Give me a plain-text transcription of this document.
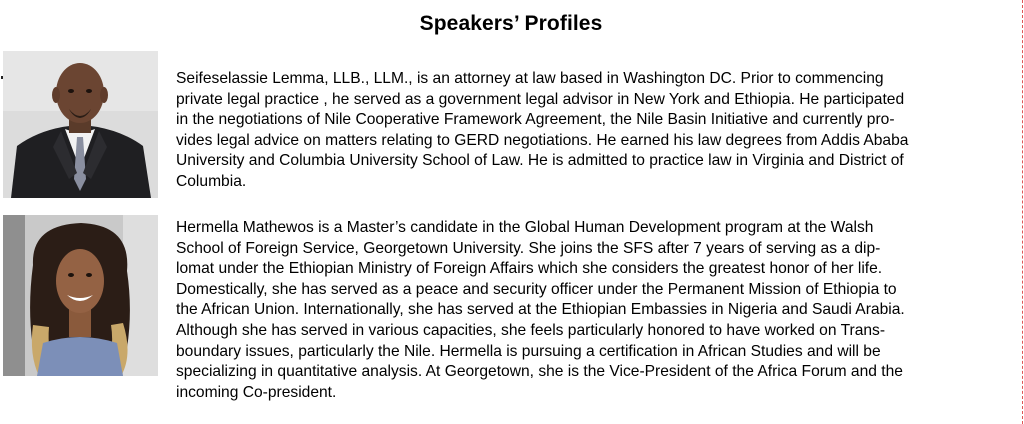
Speakers’ Profiles

Seifeselassie Lemma, LLB., LLM., is an attorney at law based in Washington DC. Prior to commencing
private legal practice , he served as a government legal advisor in New York and Ethiopia. He participated
in the negotiations of Nile Cooperative Framework Agreement, the Nile Basin Initiative and currently pro-
vides legal advice on matters relating to GERD negotiations. He earned his law degrees from Addis Ababa
University and Columbia University School of Law. He is admitted to practice law in Virginia and District of
Columbia.

Hermella Mathewos is a Master’s candidate in the Global Human Development program at the Walsh
School of Foreign Service, Georgetown University. She joins the SFS after 7 years of serving as a dip-
lomat under the Ethiopian Ministry of Foreign Affairs which she considers the greatest honor of her life.
Domestically, she has served as a peace and security officer under the Permanent Mission of Ethiopia to
the African Union. Internationally, she has served at the Ethiopian Embassies in Nigeria and Saudi Arabia.
Although she has served in various capacities, she feels particularly honored to have worked on Trans-
boundary issues, particularly the Nile. Hermella is pursuing a certification in African Studies and will be
specializing in quantitative analysis. At Georgetown, she is the Vice-President of the Africa Forum and the
incoming Co-president.
